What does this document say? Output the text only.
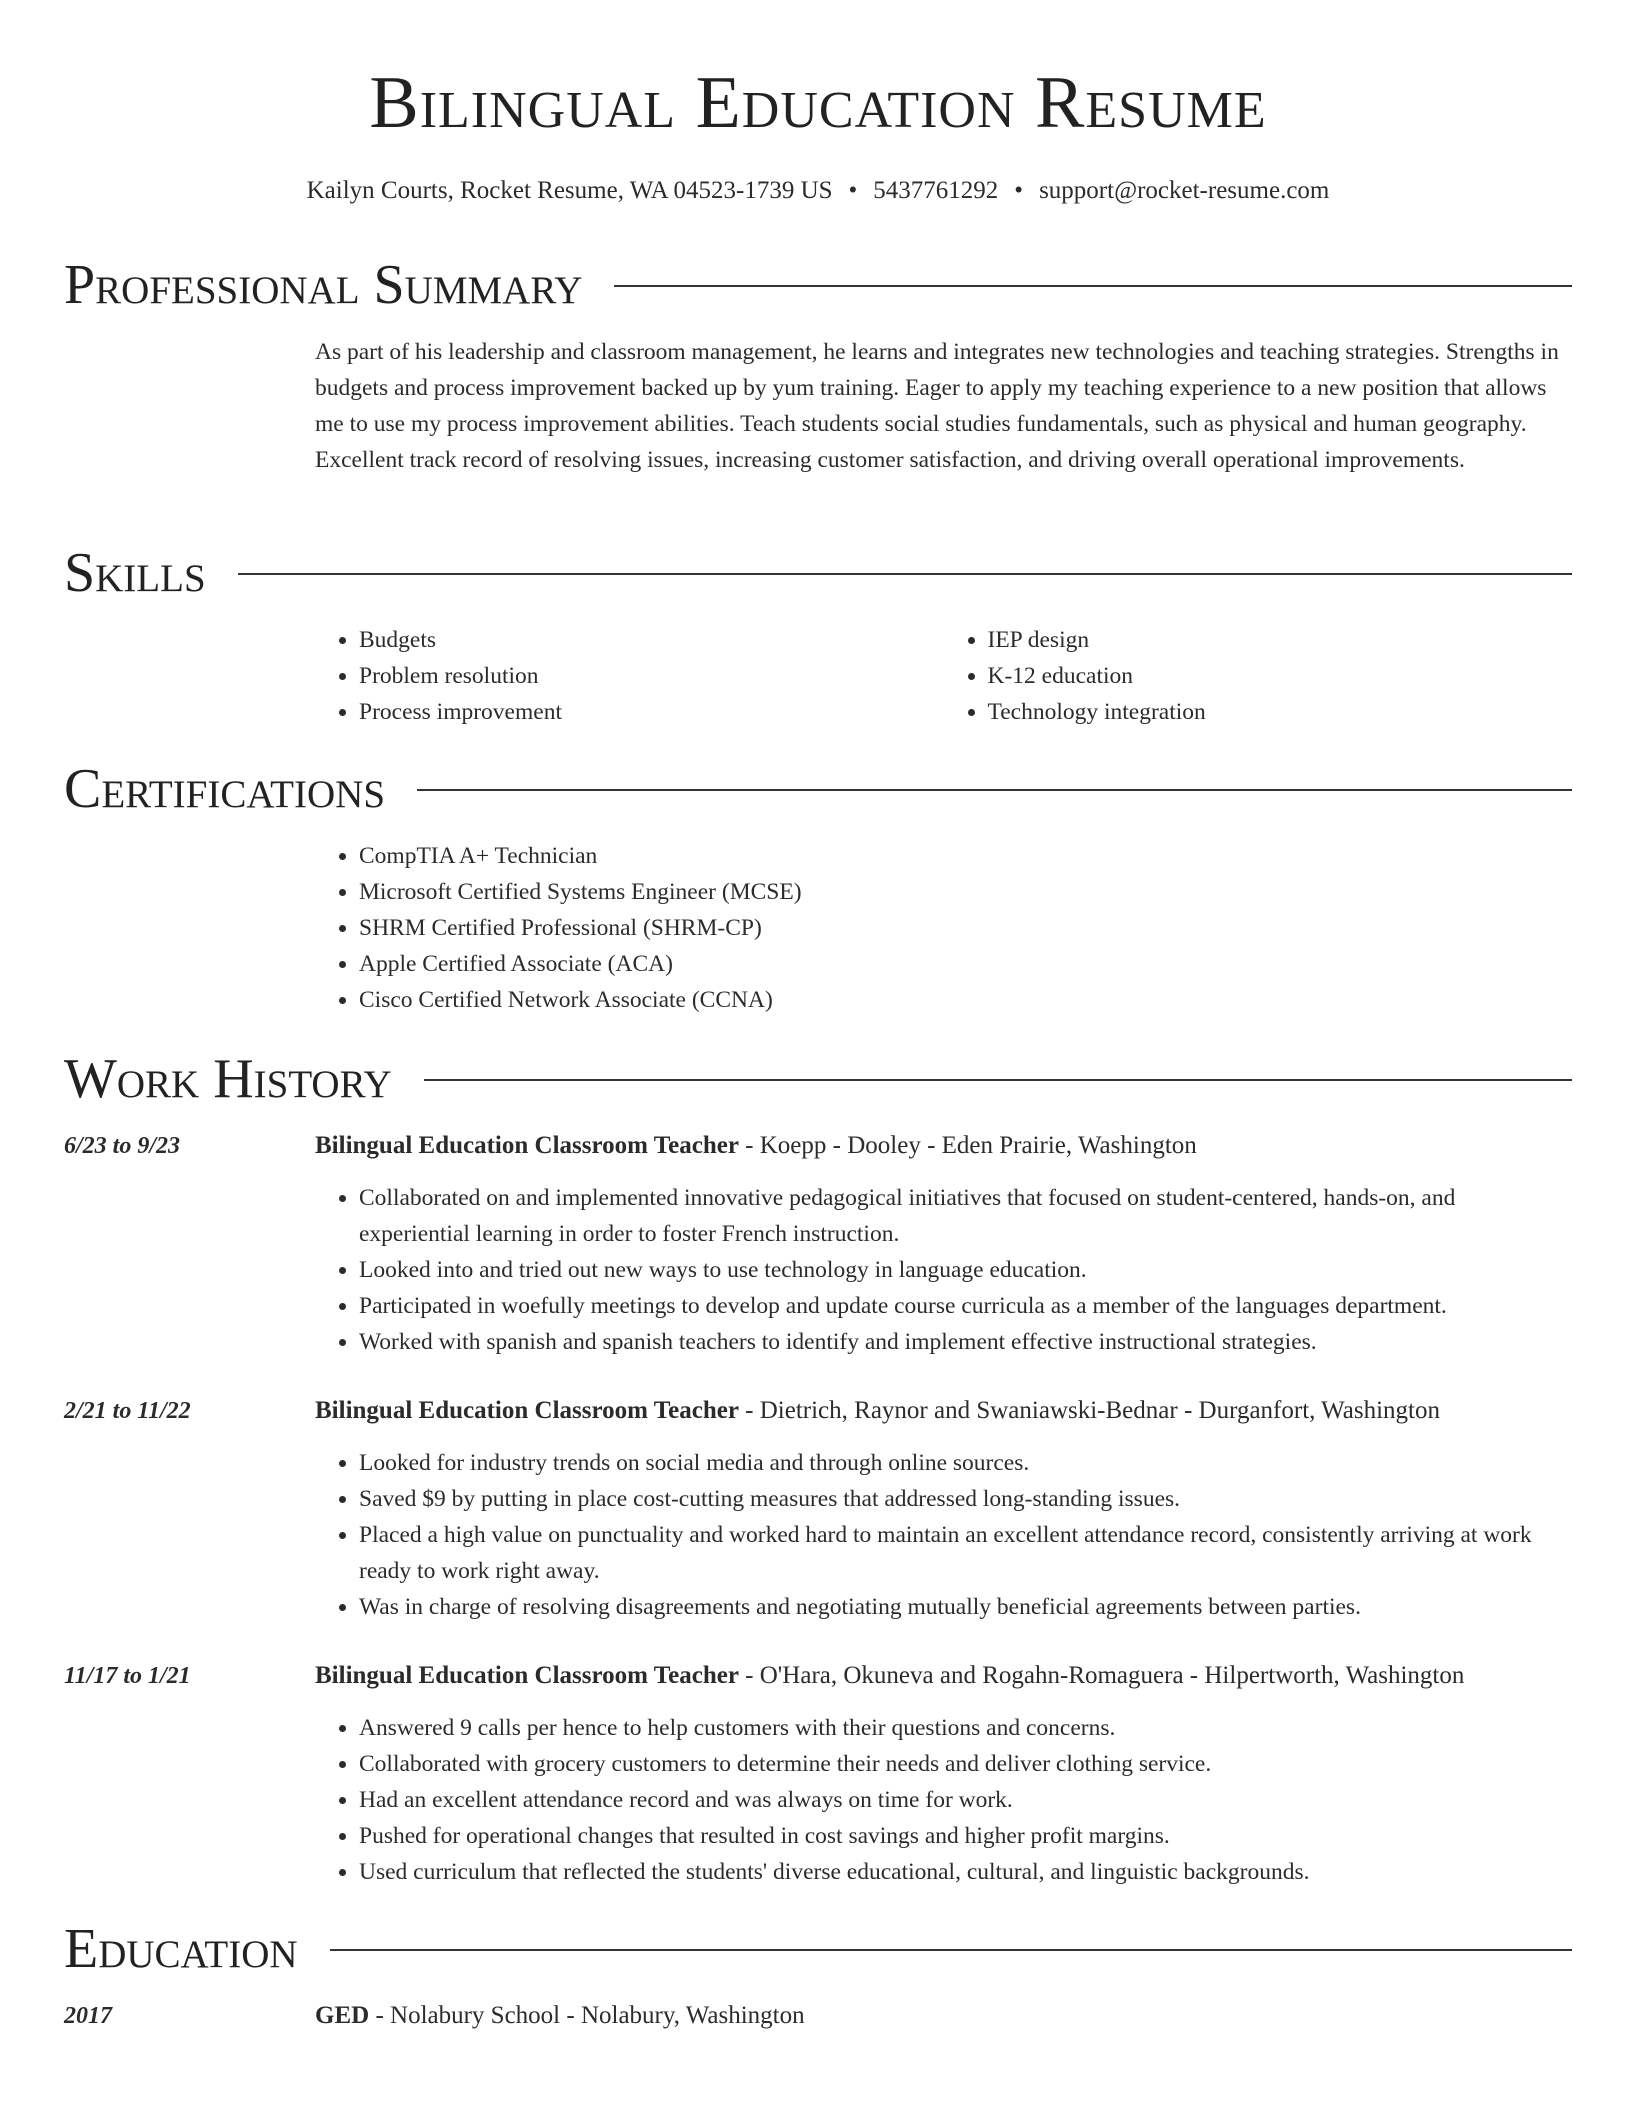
Bilingual Education Resume
Kailyn Courts, Rocket Resume, WA 04523-1739 US • 5437761292 • support@rocket-resume.com
Professional Summary

As part of his leadership and classroom management, he learns and integrates new technologies and teaching strategies. Strengths in budgets and process improvement backed up by yum training. Eager to apply my teaching experience to a new position that allows me to use my process improvement abilities. Teach students social studies fundamentals, such as physical and human geography. Excellent track record of resolving issues, increasing customer satisfaction, and driving overall operational improvements.

Skills
• Budgets
• Problem resolution
• Process improvement
• IEP design
• K-12 education
• Technology integration
Certifications
• CompTIA A+ Technician
• Microsoft Certified Systems Engineer (MCSE)
• SHRM Certified Professional (SHRM-CP)
• Apple Certified Associate (ACA)
• Cisco Certified Network Associate (CCNA)
Work History
6/23 to 9/23	Bilingual Education Classroom Teacher - Koepp - Dooley - Eden Prairie, Washington
• Collaborated on and implemented innovative pedagogical initiatives that focused on student-centered, hands-on, and experiential learning in order to foster French instruction.
• Looked into and tried out new ways to use technology in language education.
• Participated in woefully meetings to develop and update course curricula as a member of the languages department.
• Worked with spanish and spanish teachers to identify and implement effective instructional strategies.
2/21 to 11/22	Bilingual Education Classroom Teacher - Dietrich, Raynor and Swaniawski-Bednar - Durganfort, Washington
• Looked for industry trends on social media and through online sources.
• Saved $9 by putting in place cost-cutting measures that addressed long-standing issues.
• Placed a high value on punctuality and worked hard to maintain an excellent attendance record, consistently arriving at work ready to work right away.
• Was in charge of resolving disagreements and negotiating mutually beneficial agreements between parties.
11/17 to 1/21	Bilingual Education Classroom Teacher - O'Hara, Okuneva and Rogahn-Romaguera - Hilpertworth, Washington
• Answered 9 calls per hence to help customers with their questions and concerns.
• Collaborated with grocery customers to determine their needs and deliver clothing service.
• Had an excellent attendance record and was always on time for work.
• Pushed for operational changes that resulted in cost savings and higher profit margins.
• Used curriculum that reflected the students' diverse educational, cultural, and linguistic backgrounds.
Education
2017	GED - Nolabury School - Nolabury, Washington
